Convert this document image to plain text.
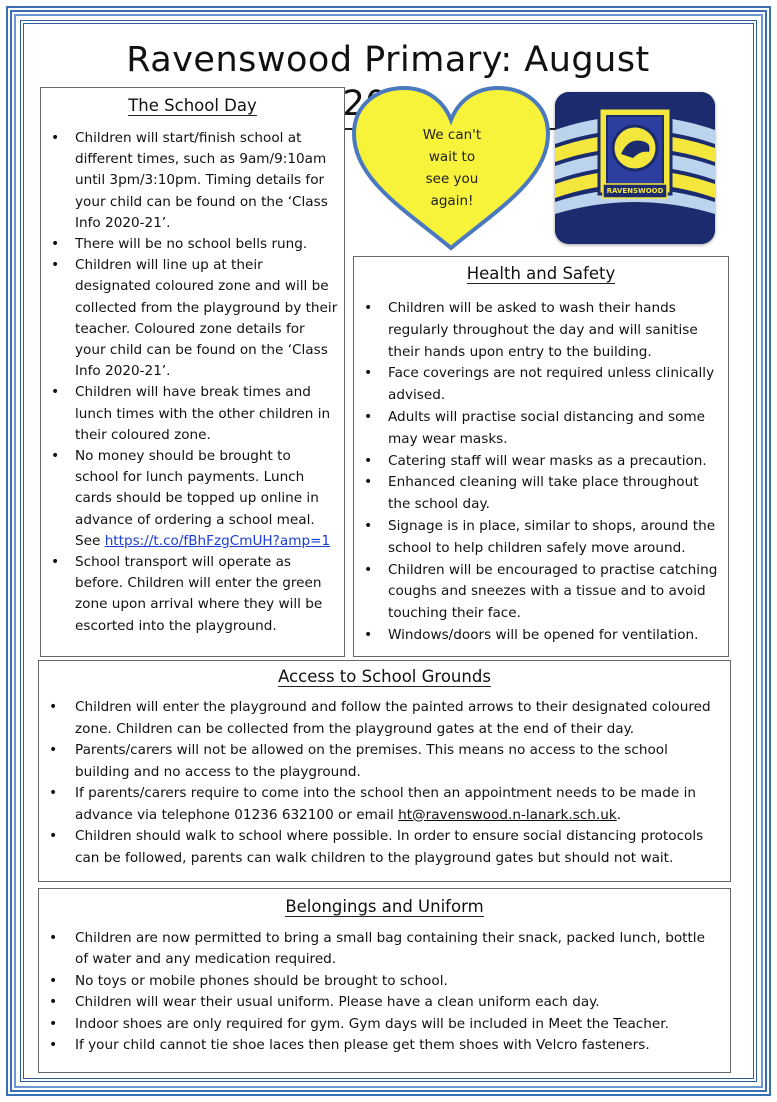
Ravenswood Primary: August
The School Day
• Children will start/finish school at different times, such as 9am/9:10am until 3pm/3:10pm. Timing details for your child can be found on the ‘Class Info 2020-21’.
• There will be no school bells rung.
• Children will line up at their designated coloured zone and will be collected from the playground by their teacher. Coloured zone details for your child can be found on the ‘Class Info 2020-21’.
• Children will have break times and lunch times with the other children in their coloured zone.
• No money should be brought to school for lunch payments. Lunch cards should be topped up online in advance of ordering a school meal. See https://t.co/fBhFzgCmUH?amp=1
• School transport will operate as before. Children will enter the green zone upon arrival where they will be escorted into the playground.
We can't
wait to
see you
again!
RAVENSWOOD
Health and Safety
• Children will be asked to wash their hands regularly throughout the day and will sanitise their hands upon entry to the building.
• Face coverings are not required unless clinically advised.
• Adults will practise social distancing and some may wear masks.
• Catering staff will wear masks as a precaution.
• Enhanced cleaning will take place throughout the school day.
• Signage is in place, similar to shops, around the school to help children safely move around.
• Children will be encouraged to practise catching coughs and sneezes with a tissue and to avoid touching their face.
• Windows/doors will be opened for ventilation.
Access to School Grounds
• Children will enter the playground and follow the painted arrows to their designated coloured zone. Children can be collected from the playground gates at the end of their day.
• Parents/carers will not be allowed on the premises. This means no access to the school building and no access to the playground.
• If parents/carers require to come into the school then an appointment needs to be made in advance via telephone 01236 632100 or email ht@ravenswood.n-lanark.sch.uk.
• Children should walk to school where possible. In order to ensure social distancing protocols can be followed, parents can walk children to the playground gates but should not wait.
Belongings and Uniform
• Children are now permitted to bring a small bag containing their snack, packed lunch, bottle of water and any medication required.
• No toys or mobile phones should be brought to school.
• Children will wear their usual uniform. Please have a clean uniform each day.
• Indoor shoes are only required for gym. Gym days will be included in Meet the Teacher.
• If your child cannot tie shoe laces then please get them shoes with Velcro fasteners.
